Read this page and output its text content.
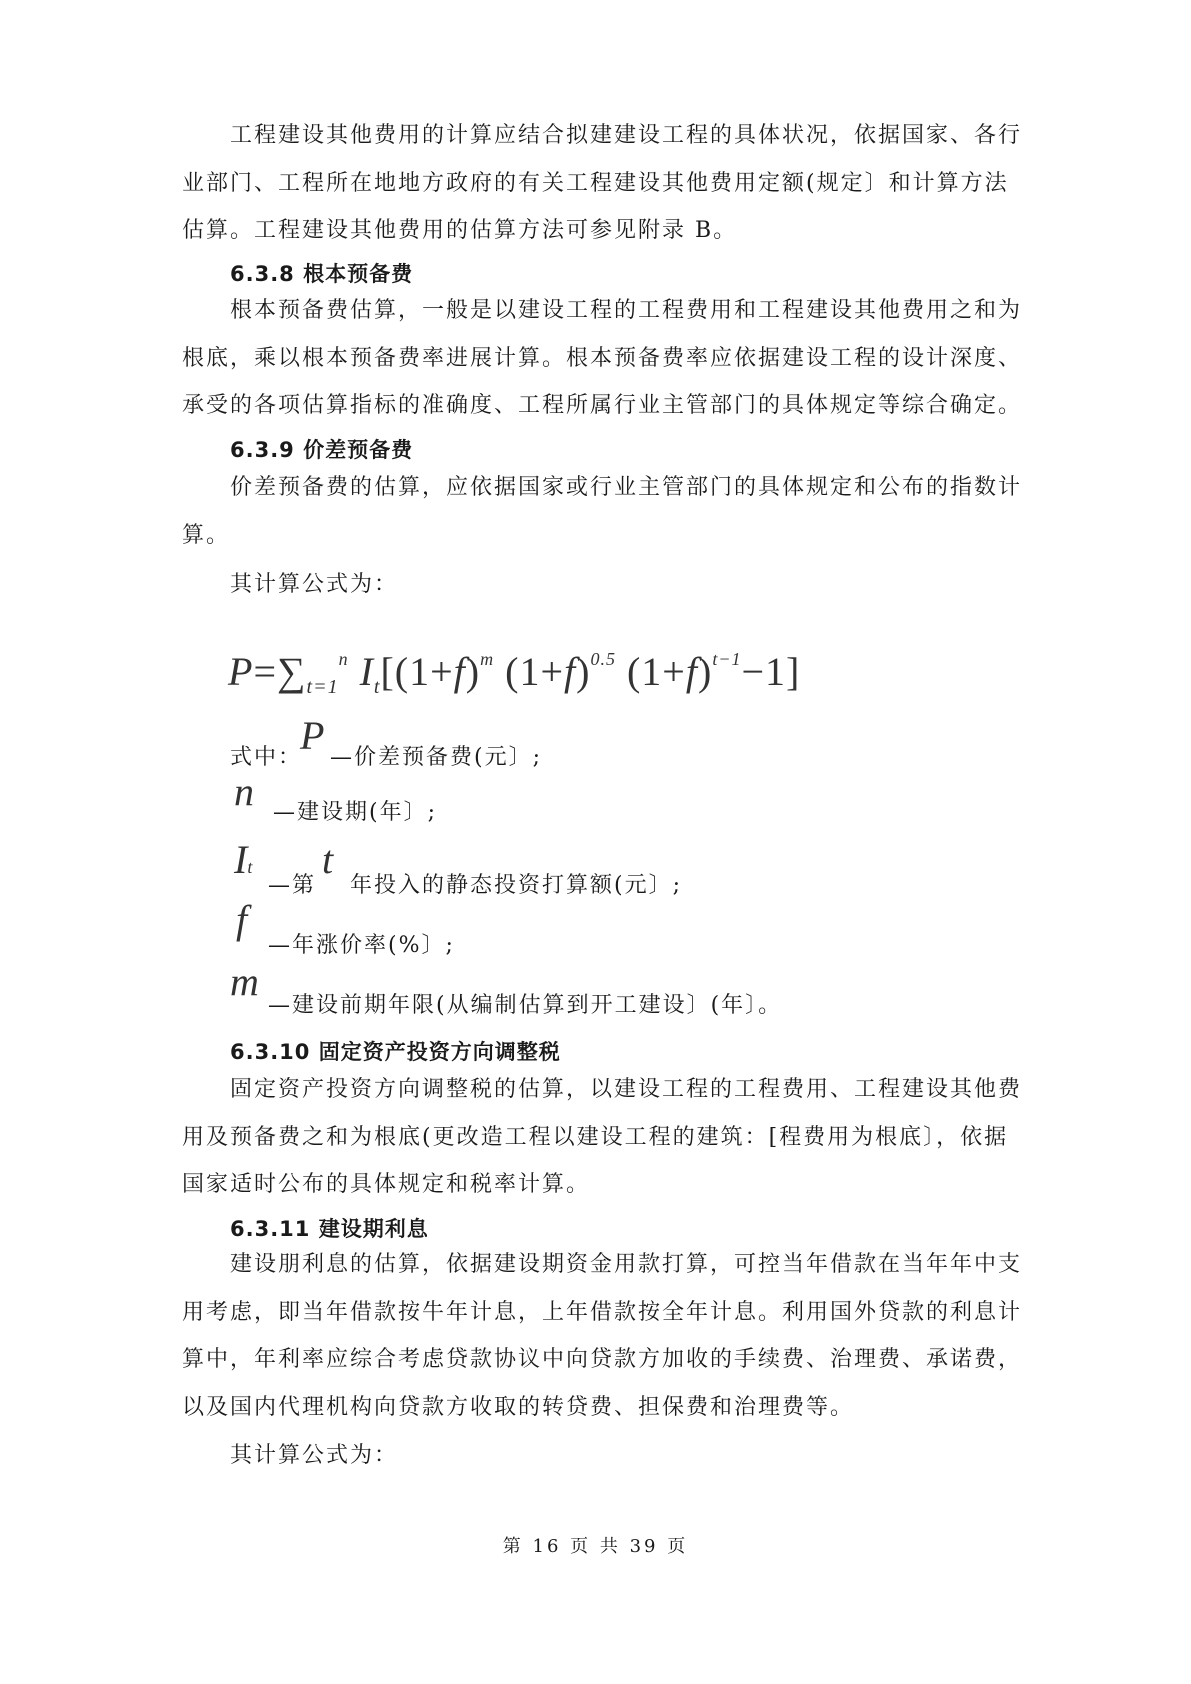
工程建设其他费用的计算应结合拟建建设工程的具体状况，依据国家、各行业部门、工程所在地地方政府的有关工程建设其他费用定额(规定〕和计算方法估算。工程建设其他费用的估算方法可参见附录 B。

6.3.8 根本预备费

根本预备费估算，一般是以建设工程的工程费用和工程建设其他费用之和为根底，乘以根本预备费率进展计算。根本预备费率应依据建设工程的设计深度、承受的各项估算指标的准确度、工程所属行业主管部门的具体规定等综合确定。

6.3.9 价差预备费

价差预备费的估算，应依据国家或行业主管部门的具体规定和公布的指数计算。

其计算公式为：
$P=\sum_{t=1}^n$ $I_t[(1+f)^m$ $(1+f)^{0.5}$ $(1+f)^{t-1}-1$]
式中：
P —价差预备费(元〕;
n —建设期(年〕;
It
—第
t
年投入的静态投资打算额(元〕;
f
—年涨价率(%〕;
m
—建设前期年限(从编制估算到开工建设〕(年〕。
6.3.10 固定资产投资方向调整税

固定资产投资方向调整税的估算，以建设工程的工程费用、工程建设其他费用及预备费之和为根底(更改造工程以建设工程的建筑：[程费用为根底〕，依据国家适时公布的具体规定和税率计算。

6.3.11 建设期利息

建设朋利息的估算，依据建设期资金用款打算，可控当年借款在当年年中支用考虑，即当年借款按牛年计息，上年借款按全年计息。利用国外贷款的利息计算中，年利率应综合考虑贷款协议中向贷款方加收的手续费、治理费、承诺费，以及国内代理机构向贷款方收取的转贷费、担保费和治理费等。

其计算公式为：
第 16 页 共 39 页
